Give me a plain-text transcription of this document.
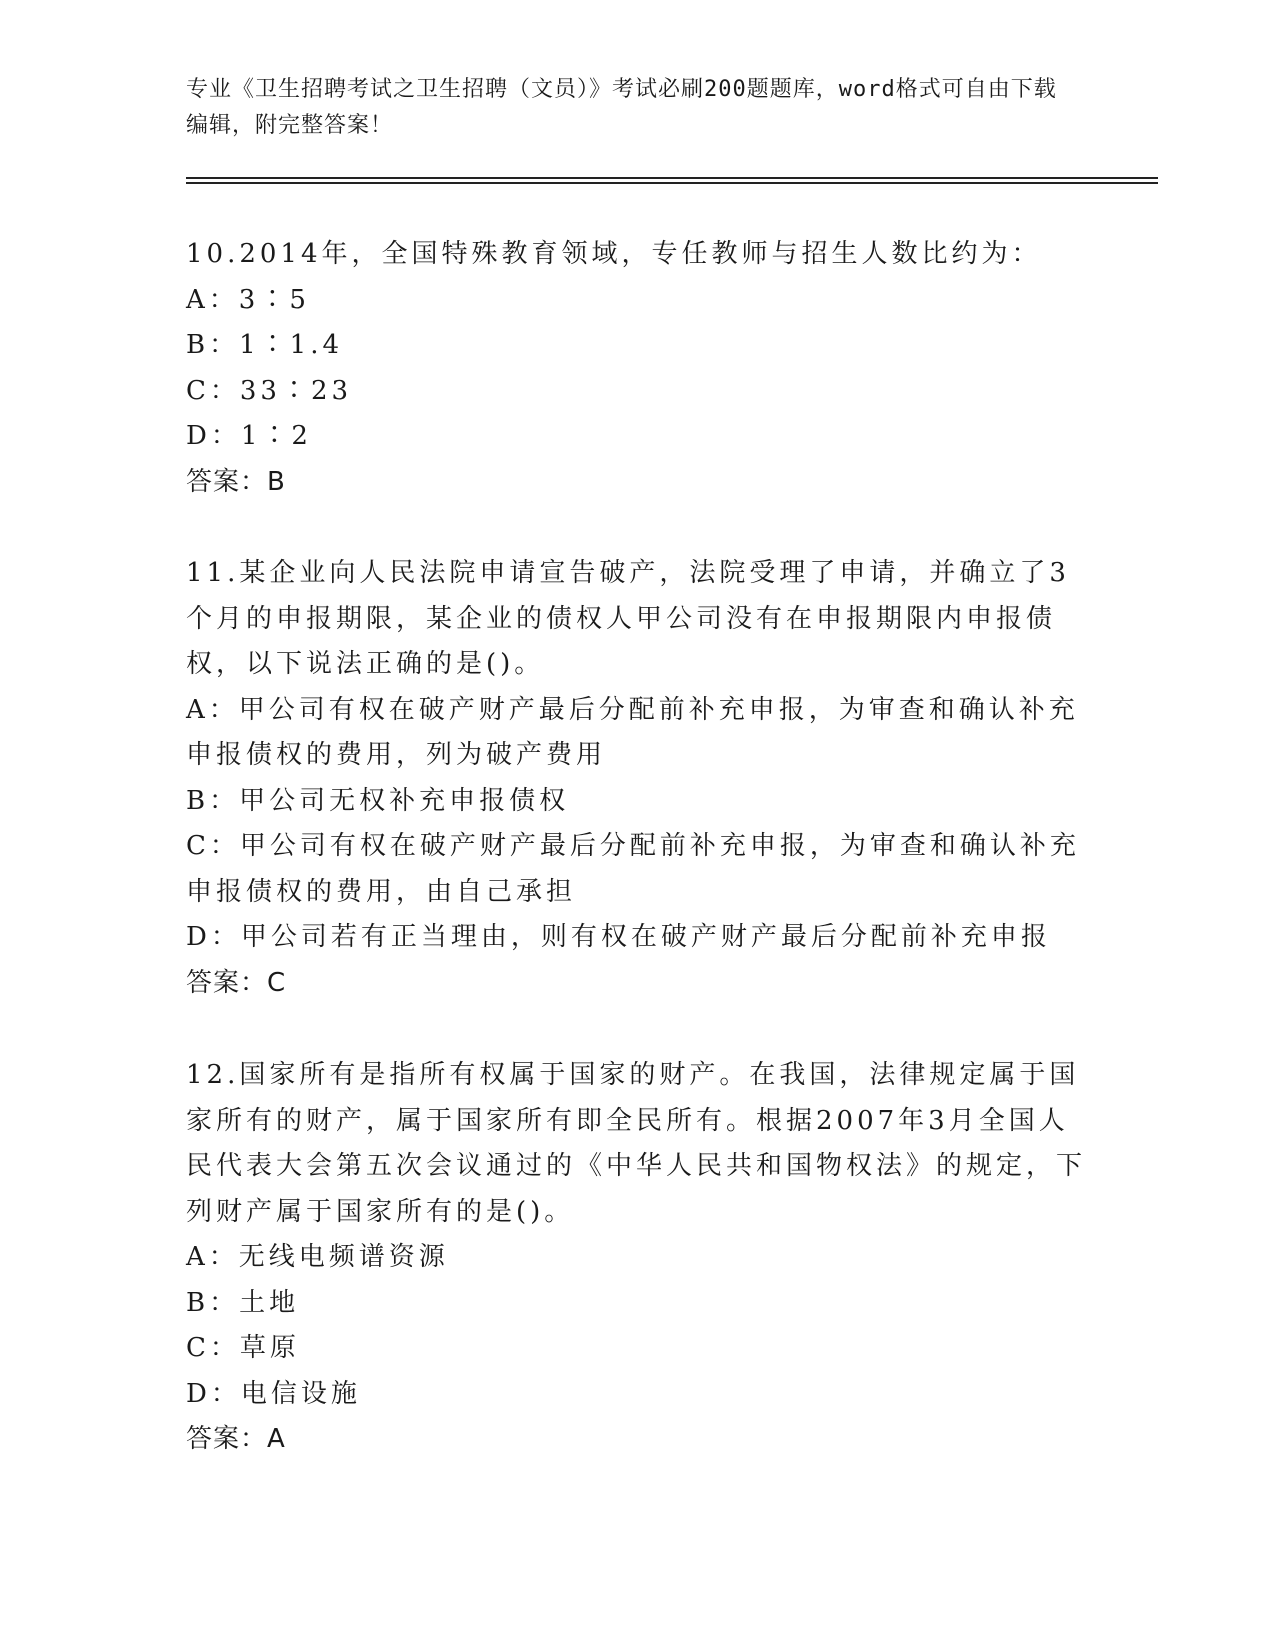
专业《卫生招聘考试之卫生招聘（文员）》考试必刷200题题库，word格式可自由下载编辑，附完整答案！

10.2014年，全国特殊教育领域，专任教师与招生人数比约为：

A：3∶5

B：1∶1.4

C：33∶23

D：1∶2

答案：B

11.某企业向人民法院申请宣告破产，法院受理了申请，并确立了3个月的申报期限，某企业的债权人甲公司没有在申报期限内申报债权，以下说法正确的是()。

A：甲公司有权在破产财产最后分配前补充申报，为审查和确认补充申报债权的费用，列为破产费用

B：甲公司无权补充申报债权

C：甲公司有权在破产财产最后分配前补充申报，为审查和确认补充申报债权的费用，由自己承担

D：甲公司若有正当理由，则有权在破产财产最后分配前补充申报

答案：C

12.国家所有是指所有权属于国家的财产。在我国，法律规定属于国家所有的财产，属于国家所有即全民所有。根据2007年3月全国人民代表大会第五次会议通过的《中华人民共和国物权法》的规定，下列财产属于国家所有的是()。

A：无线电频谱资源

B：土地

C：草原

D：电信设施

答案：A
